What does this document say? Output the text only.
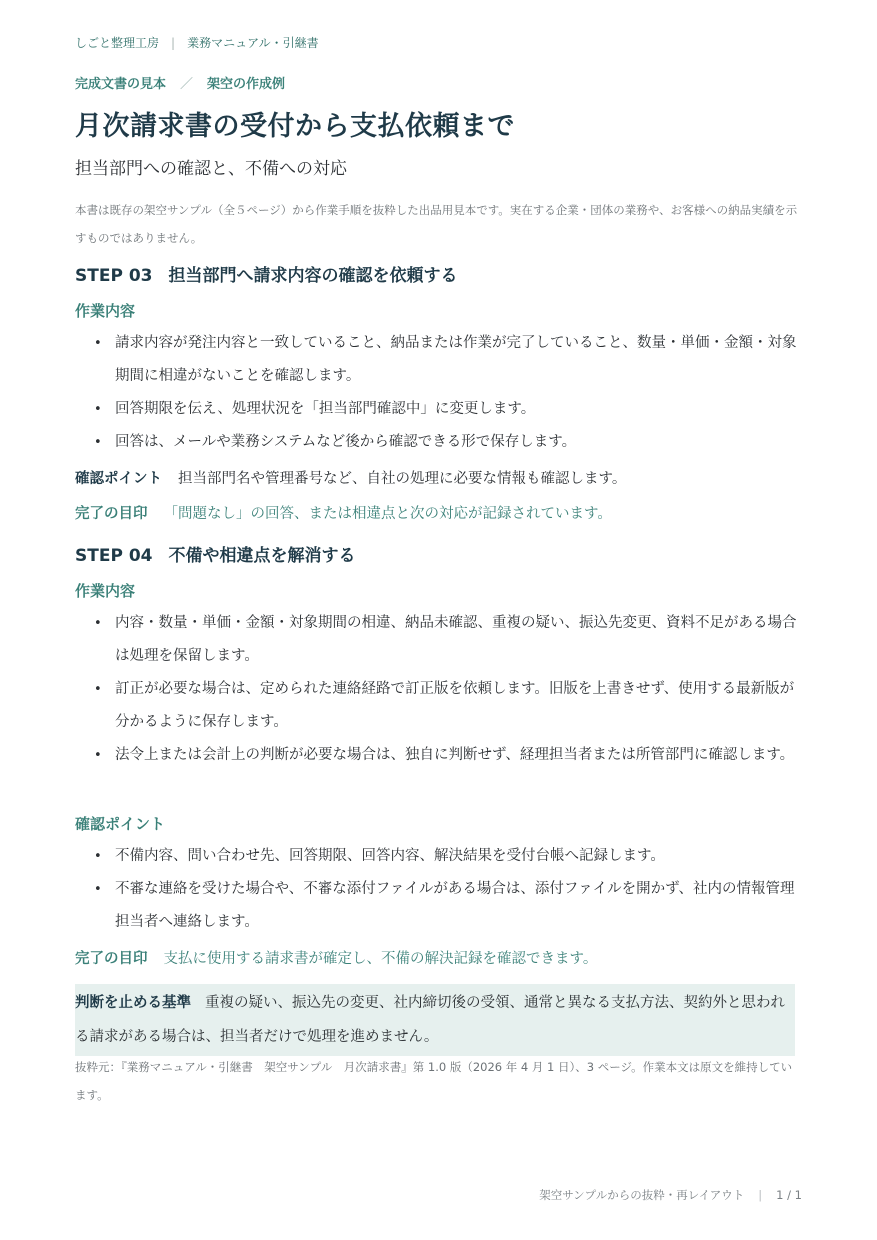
しごと整理工房 | 業務マニュアル・引継書
完成文書の見本 ／ 架空の作成例
月次請求書の受付から支払依頼まで
担当部門への確認と、不備への対応
本書は既存の架空サンプル（全５ページ）から作業手順を抜粋した出品用見本です。実在する企業・団体の業務や、お客様への納品実績を示すものではありません。
STEP 03 担当部門へ請求内容の確認を依頼する
作業内容
• 請求内容が発注内容と一致していること、納品または作業が完了していること、数量・単価・金額・対象期間に相違がないことを確認します。
• 回答期限を伝え、処理状況を「担当部門確認中」に変更します。
• 回答は、メールや業務システムなど後から確認できる形で保存します。
確認ポイント 担当部門名や管理番号など、自社の処理に必要な情報も確認します。
完了の目印 「問題なし」の回答、または相違点と次の対応が記録されています。
STEP 04 不備や相違点を解消する
作業内容
• 内容・数量・単価・金額・対象期間の相違、納品未確認、重複の疑い、振込先変更、資料不足がある場合は処理を保留します。
• 訂正が必要な場合は、定められた連絡経路で訂正版を依頼します。旧版を上書きせず、使用する最新版が分かるように保存します。
• 法令上または会計上の判断が必要な場合は、独自に判断せず、経理担当者または所管部門に確認します。
確認ポイント
• 不備内容、問い合わせ先、回答期限、回答内容、解決結果を受付台帳へ記録します。
• 不審な連絡を受けた場合や、不審な添付ファイルがある場合は、添付ファイルを開かず、社内の情報管理担当者へ連絡します。
完了の目印 支払に使用する請求書が確定し、不備の解決記録を確認できます。
判断を止める基準 重複の疑い、振込先の変更、社内締切後の受領、通常と異なる支払方法、契約外と思われる請求がある場合は、担当者だけで処理を進めません。
抜粋元：『業務マニュアル・引継書　架空サンプル　月次請求書』第 1.0 版（2026 年 4 月 1 日）、3 ページ。作業本文は原文を維持しています。
架空サンプルからの抜粋・再レイアウト | 1 / 1
